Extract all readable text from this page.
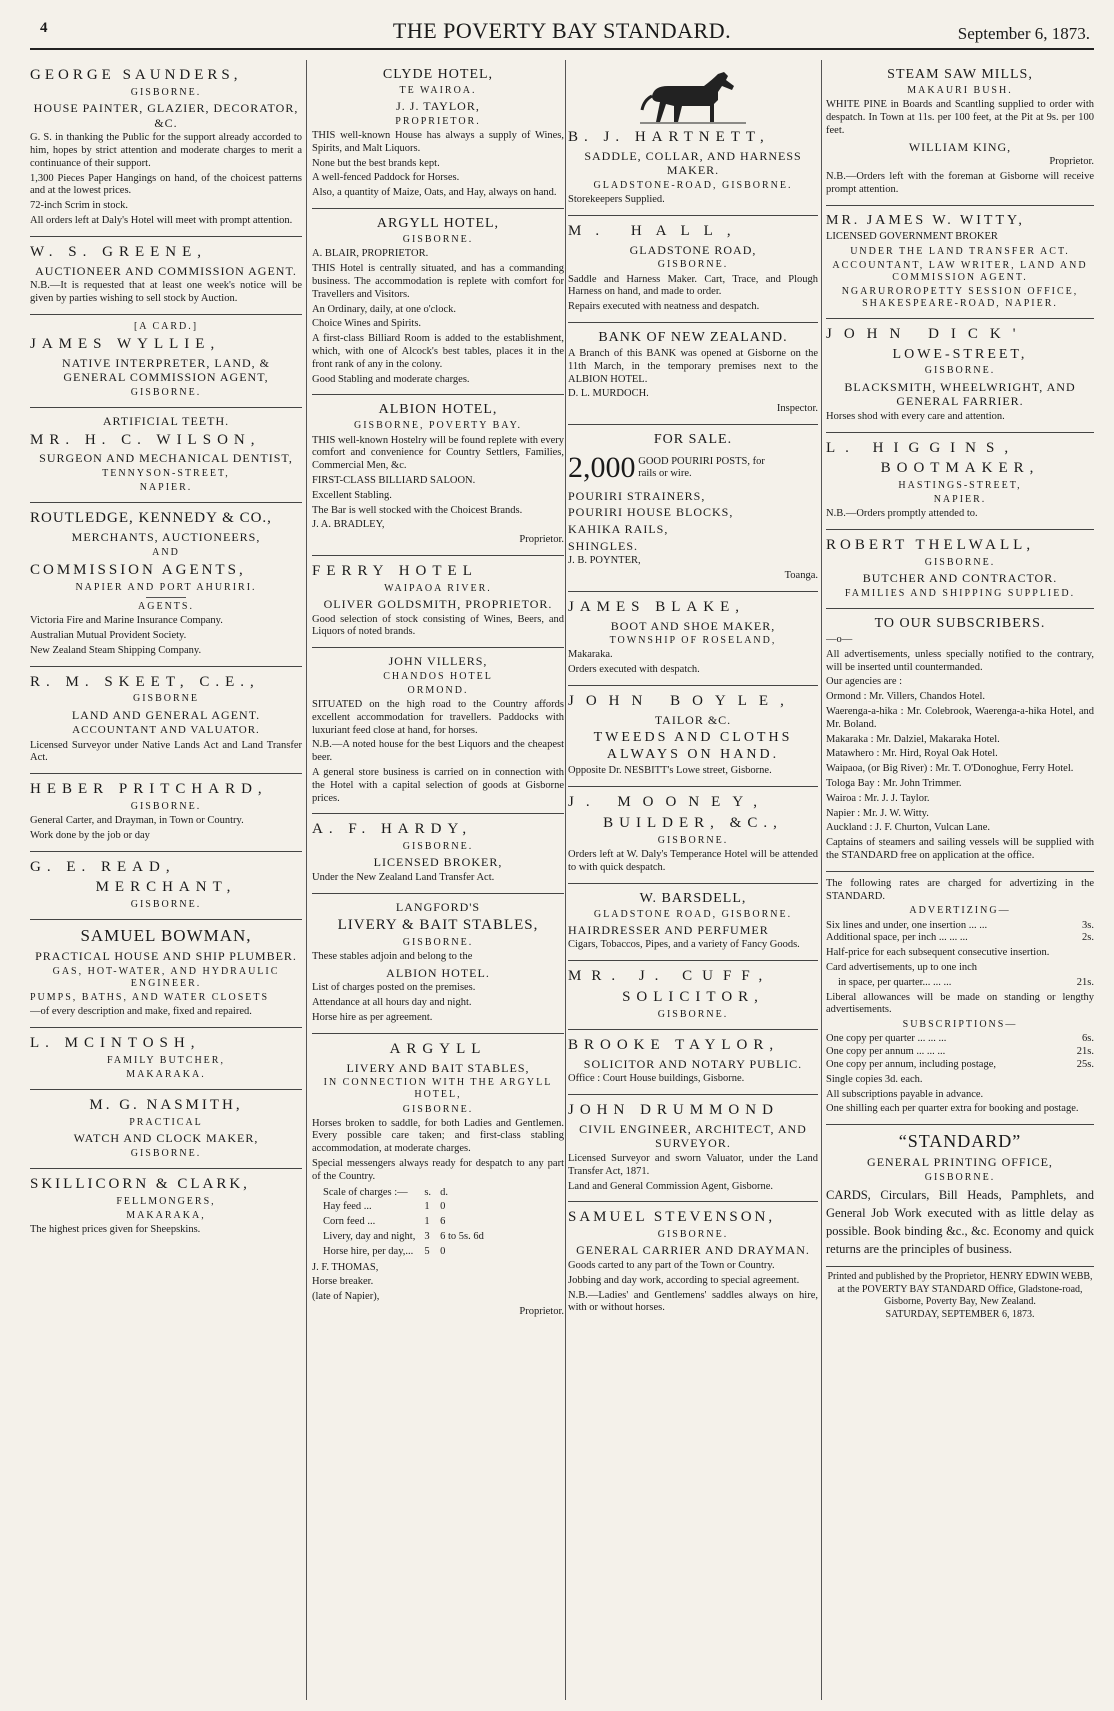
4	THE POVERTY BAY STANDARD.	September 6, 1873.
GEORGE SAUNDERS,
GISBORNE.
HOUSE PAINTER, GLAZIER, DECORATOR, &C.
G. S. in thanking the Public for the support already accorded to him, hopes by strict attention and moderate charges to merit a continuance of their support.
1,300 Pieces Paper Hangings on hand, of the choicest patterns and at the lowest prices.
72-inch Scrim in stock.
All orders left at Daly's Hotel will meet with prompt attention.
W. S. GREENE,
AUCTIONEER AND COMMISSION AGENT.
N.B.—It is requested that at least one week's notice will be given by parties wishing to sell stock by Auction.
[A CARD.]
JAMES WYLLIE,
NATIVE INTERPRETER, LAND, & GENERAL COMMISSION AGENT,
GISBORNE.
ARTIFICIAL TEETH.
MR. H. C. WILSON,
SURGEON AND MECHANICAL DENTIST,
TENNYSON-STREET,
NAPIER.
ROUTLEDGE, KENNEDY & CO.,
MERCHANTS, AUCTIONEERS,
AND
COMMISSION AGENTS,
NAPIER AND PORT AHURIRI.
AGENTS.
Victoria Fire and Marine Insurance Company.
Australian Mutual Provident Society.
New Zealand Steam Shipping Company.
R. M. SKEET, C.E.,
GISBORNE
LAND AND GENERAL AGENT.
ACCOUNTANT AND VALUATOR.
Licensed Surveyor under Native Lands Act and Land Transfer Act.
HEBER PRITCHARD,
GISBORNE.
General Carter, and Drayman, in Town or Country.
Work done by the job or day
G. E. READ,
MERCHANT,
GISBORNE.
SAMUEL BOWMAN,
PRACTICAL HOUSE AND SHIP PLUMBER.
GAS, HOT-WATER, AND HYDRAULIC ENGINEER.
PUMPS, BATHS, AND WATER CLOSETS
—of every description and make, fixed and repaired.
L. MCINTOSH,
FAMILY BUTCHER,
MAKARAKA.
M. G. NASMITH,
PRACTICAL
WATCH AND CLOCK MAKER,
GISBORNE.
SKILLICORN & CLARK,
FELLMONGERS,
MAKARAKA,
The highest prices given for Sheepskins.
CLYDE HOTEL,
TE WAIROA.
J. J. TAYLOR,
PROPRIETOR.
THIS well-known House has always a supply of Wines, Spirits, and Malt Liquors.
None but the best brands kept.
A well-fenced Paddock for Horses.
Also, a quantity of Maize, Oats, and Hay, always on hand.
ARGYLL HOTEL,
GISBORNE.
A. BLAIR, PROPRIETOR.
THIS Hotel is centrally situated, and has a commanding business. The accommodation is replete with comfort for Travellers and Visitors.
An Ordinary, daily, at one o'clock.
Choice Wines and Spirits.
A first-class Billiard Room is added to the establishment, which, with one of Alcock's best tables, places it in the front rank of any in the colony.
Good Stabling and moderate charges.
ALBION HOTEL,
GISBORNE, POVERTY BAY.
THIS well-known Hostelry will be found replete with every comfort and convenience for Country Settlers, Families, Commercial Men, &c.
FIRST-CLASS BILLIARD SALOON.
Excellent Stabling.
The Bar is well stocked with the Choicest Brands.
J. A. BRADLEY,
Proprietor.
FERRY HOTEL
WAIPAOA RIVER.
OLIVER GOLDSMITH, PROPRIETOR.
Good selection of stock consisting of Wines, Beers, and Liquors of noted brands.
JOHN VILLERS,
CHANDOS HOTEL
ORMOND.
SITUATED on the high road to the Country affords excellent accommodation for travellers. Paddocks with luxuriant feed close at hand, for horses.
N.B.—A noted house for the best Liquors and the cheapest beer.
A general store business is carried on in connection with the Hotel with a capital selection of goods at Gisborne prices.
A. F. HARDY,
GISBORNE.
LICENSED BROKER,
Under the New Zealand Land Transfer Act.
LANGFORD'S
LIVERY & BAIT STABLES,
GISBORNE.
These stables adjoin and belong to the
ALBION HOTEL.
List of charges posted on the premises.
Attendance at all hours day and night.
Horse hire as per agreement.
ARGYLL
LIVERY AND BAIT STABLES,
IN CONNECTION WITH THE ARGYLL HOTEL,
GISBORNE.
Horses broken to saddle, for both Ladies and Gentlemen. Every possible care taken; and first-class stabling accommodation, at moderate charges.
Special messengers always ready for despatch to any part of the Country.
Scale of charges :—	s.	d.
Hay feed ...	1	0
Corn feed ...	1	6
Livery, day and night,	3	6 to 5s. 6d
Horse hire, per day,...	5	0
J. F. THOMAS,
Horse breaker.
(late of Napier),
Proprietor.
B. J. HARTNETT,
SADDLE, COLLAR, AND HARNESS MAKER.
GLADSTONE-ROAD, GISBORNE.
Storekeepers Supplied.
M. HALL,
GLADSTONE ROAD,
GISBORNE.
Saddle and Harness Maker. Cart, Trace, and Plough Harness on hand, and made to order.
Repairs executed with neatness and despatch.
BANK OF NEW ZEALAND.
A Branch of this BANK was opened at Gisborne on the 11th March, in the temporary premises next to the ALBION HOTEL.
D. L. MURDOCH.
Inspector.
FOR SALE.
2,000 GOOD POURIRI POSTS, for rails or wire.
POURIRI STRAINERS,
POURIRI HOUSE BLOCKS,
KAHIKA RAILS,
SHINGLES.
J. B. POYNTER,
Toanga.
JAMES BLAKE,
BOOT AND SHOE MAKER,
TOWNSHIP OF ROSELAND,
Makaraka.
Orders executed with despatch.
JOHN BOYLE,
TAILOR &C.
TWEEDS AND CLOTHS ALWAYS ON HAND.
Opposite Dr. NESBITT's Lowe street, Gisborne.
J. MOONEY,
BUILDER, &C.,
GISBORNE.
Orders left at W. Daly's Temperance Hotel will be attended to with quick despatch.
W. BARSDELL,
GLADSTONE ROAD, GISBORNE.
HAIRDRESSER AND PERFUMER
Cigars, Tobaccos, Pipes, and a variety of Fancy Goods.
MR. J. CUFF,
SOLICITOR,
GISBORNE.
BROOKE TAYLOR,
SOLICITOR AND NOTARY PUBLIC.
Office : Court House buildings, Gisborne.
JOHN DRUMMOND
CIVIL ENGINEER, ARCHITECT, AND SURVEYOR.
Licensed Surveyor and sworn Valuator, under the Land Transfer Act, 1871.
Land and General Commission Agent, Gisborne.
SAMUEL STEVENSON,
GISBORNE.
GENERAL CARRIER AND DRAYMAN.
Goods carted to any part of the Town or Country.
Jobbing and day work, according to special agreement.
N.B.—Ladies' and Gentlemens' saddles always on hire, with or without horses.
STEAM SAW MILLS,
MAKAURI BUSH.
WHITE PINE in Boards and Scantling supplied to order with despatch. In Town at 11s. per 100 feet, at the Pit at 9s. per 100 feet.
WILLIAM KING,
Proprietor.
N.B.—Orders left with the foreman at Gisborne will receive prompt attention.
MR. JAMES W. WITTY,
LICENSED GOVERNMENT BROKER
UNDER THE LAND TRANSFER ACT.
ACCOUNTANT, LAW WRITER, LAND AND COMMISSION AGENT.
NGARUROROPETTY SESSION OFFICE, SHAKESPEARE-ROAD, NAPIER.
JOHN DICK'
LOWE-STREET,
GISBORNE.
BLACKSMITH, WHEELWRIGHT, AND GENERAL FARRIER.
Horses shod with every care and attention.
L. HIGGINS,
BOOTMAKER,
HASTINGS-STREET,
NAPIER.
N.B.—Orders promptly attended to.
ROBERT THELWALL,
GISBORNE.
BUTCHER AND CONTRACTOR.
FAMILIES AND SHIPPING SUPPLIED.
TO OUR SUBSCRIBERS.
—o—
All advertisements, unless specially notified to the contrary, will be inserted until countermanded.
Our agencies are :
Ormond : Mr. Villers, Chandos Hotel.
Waerenga-a-hika : Mr. Colebrook, Waerenga-a-hika Hotel, and Mr. Boland.
Makaraka : Mr. Dalziel, Makaraka Hotel.
Matawhero : Mr. Hird, Royal Oak Hotel.
Waipaoa, (or Big River) : Mr. T. O'Donoghue, Ferry Hotel.
Tologa Bay : Mr. John Trimmer.
Wairoa : Mr. J. J. Taylor.
Napier : Mr. J. W. Witty.
Auckland : J. F. Churton, Vulcan Lane.
Captains of steamers and sailing vessels will be supplied with the STANDARD free on application at the office.
The following rates are charged for advertizing in the STANDARD.
ADVERTIZING—
Six lines and under, one insertion ... ...	3s.
Additional space, per inch ... ... ...	2s.
Half-price for each subsequent consecutive insertion.
Card advertisements, up to one inch
in space, per quarter... ... ...	21s.
Liberal allowances will be made on standing or lengthy advertisements.
SUBSCRIPTIONS—
One copy per quarter ... ... ...	6s.
One copy per annum ... ... ...	21s.
One copy per annum, including postage,	25s.
Single copies 3d. each.
All subscriptions payable in advance.
One shilling each per quarter extra for booking and postage.
“STANDARD”
GENERAL PRINTING OFFICE,
GISBORNE.
CARDS, Circulars, Bill Heads, Pamphlets, and General Job Work executed with as little delay as possible. Book binding &c., &c. Economy and quick returns are the principles of business.
Printed and published by the Proprietor, HENRY EDWIN WEBB, at the POVERTY BAY STANDARD Office, Gladstone-road, Gisborne, Poverty Bay, New Zealand.
SATURDAY, SEPTEMBER 6, 1873.
